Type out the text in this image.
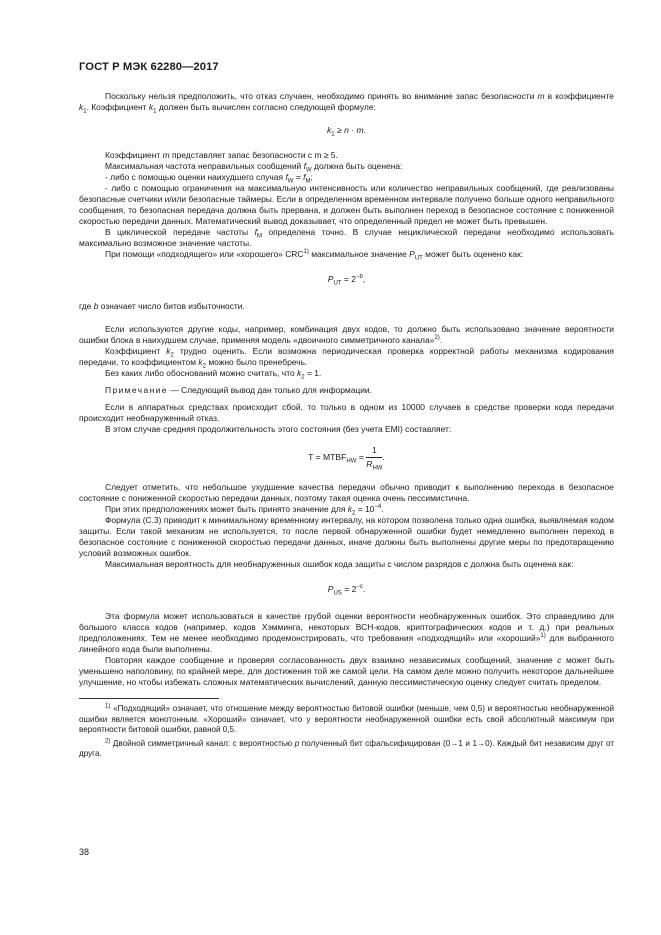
ГОСТ Р МЭК 62280—2017

Поскольку нельзя предположить, что отказ случаен, необходимо принять во внимание запас безопасности m в коэффициенте $k_1$. Коэффициент $k_1$ должен быть вычислен согласно следующей формуле:

$k_1 \ge n \cdot m$.

Коэффициент m представляет запас безопасности с m ≥ 5.

Максимальная частота неправильных сообщений $f_W$ должна быть оценена:

- либо с помощью оценки наихудшего случая $f_W = f_M$;

- либо с помощью ограничения на максимальную интенсивность или количество неправильных сообщений, где реализованы безопасные счетчики и/или безопасные таймеры. Если в определенном временном интервале получено больше одного неправильного сообщения, то безопасная передача должна быть прервана, и должен быть выполнен переход в безопасное состояние с пониженной скоростью передачи данных. Математический вывод доказывает, что определенный предел не может быть превышен.

В циклической передаче частоты $f_M$ определена точно. В случае нециклической передачи необходимо использовать максимально возможное значение частоты.

При помощи «подходящего» или «хорошего» CRC$^{1)}$ максимальное значение $P_{UT}$ может быть оценено как:

$P_{UT} = 2^{-b}$,

где b означает число битов избыточности.

Если используются другие коды, например, комбинация двух кодов, то должно быть использовано значение вероятности ошибки блока в наихудшем случае, применяя модель «двоичного симметричного канала»$^{2)}$.

Коэффициент $k_2$ трудно оценить. Если возможна периодическая проверка корректной работы механизма кодирования передачи, то коэффициентом $k_2$ можно было пренебречь.

Без каких либо обоснований можно считать, что $k_2 = 1$.

Примечание — Следующий вывод дан только для информации.

Если в аппаратных средствах происходит сбой, то только в одном из 10000 случаев в средстве проверки кода передачи происходит необнаруженный отказ.

В этом случае средняя продолжительность этого состояния (без учета EMI) составляет:

$T = MTBF_{HW} = \frac{1}{R_{HW}}$ .

Следует отметить, что небольшое ухудшение качества передачи обычно приводит к выполнению перехода в безопасное состояние с пониженной скоростью передачи данных, поэтому такая оценка очень пессимистична.

При этих предположениях может быть принято значение для $k_2 = 10^{-4}$.

Формула (С.3) приводит к минимальному временному интервалу, на котором позволена только одна ошибка, выявляемая кодом защиты. Если такой механизм не используется, то после первой обнаруженной ошибки будет немедленно выполнен переход в безопасное состояние с пониженной скоростью передачи данных, иначе должны быть выполнены другие меры по предотвращению условий возможных ошибок.

Максимальная вероятность для необнаруженных ошибок кода защиты с числом разрядов c должна быть оценена как:

$P_{US} = 2^{-c}$.

Эта формула может использоваться в качестве грубой оценки вероятности необнаруженных ошибок. Это справедливо для большого класса кодов (например, кодов Хэмминга, некоторых ВСН-кодов, криптографических кодов и т. д.) при реальных предположениях. Тем не менее необходимо продемонстрировать, что требования «подходящий» или «хороший»$^{1)}$ для выбранного линейного кода были выполнены.

Повторяя каждое сообщение и проверяя согласованность двух взаимно независимых сообщений, значение c может быть уменьшено наполовину, по крайней мере, для достижения той же самой цели. На самом деле можно получить некоторое дальнейшее улучшение, но чтобы избежать сложных математических вычислений, данную пессимистическую оценку следует считать пределом.

$^{1)}$ «Подходящий» означает, что отношение между вероятностью битовой ошибки (меньше, чем 0,5) и вероятностью необнаруженной ошибки является монотонным. «Хороший» означает, что у вероятности необнаруженной ошибки есть свой абсолютный максимум при вероятности битовой ошибки, равной 0,5.

$^{2)}$ Двойной симметричный канал: с вероятностью p полученный бит сфальсифицирован (0→1 и 1→0). Каждый бит независим друг от друга.

38
